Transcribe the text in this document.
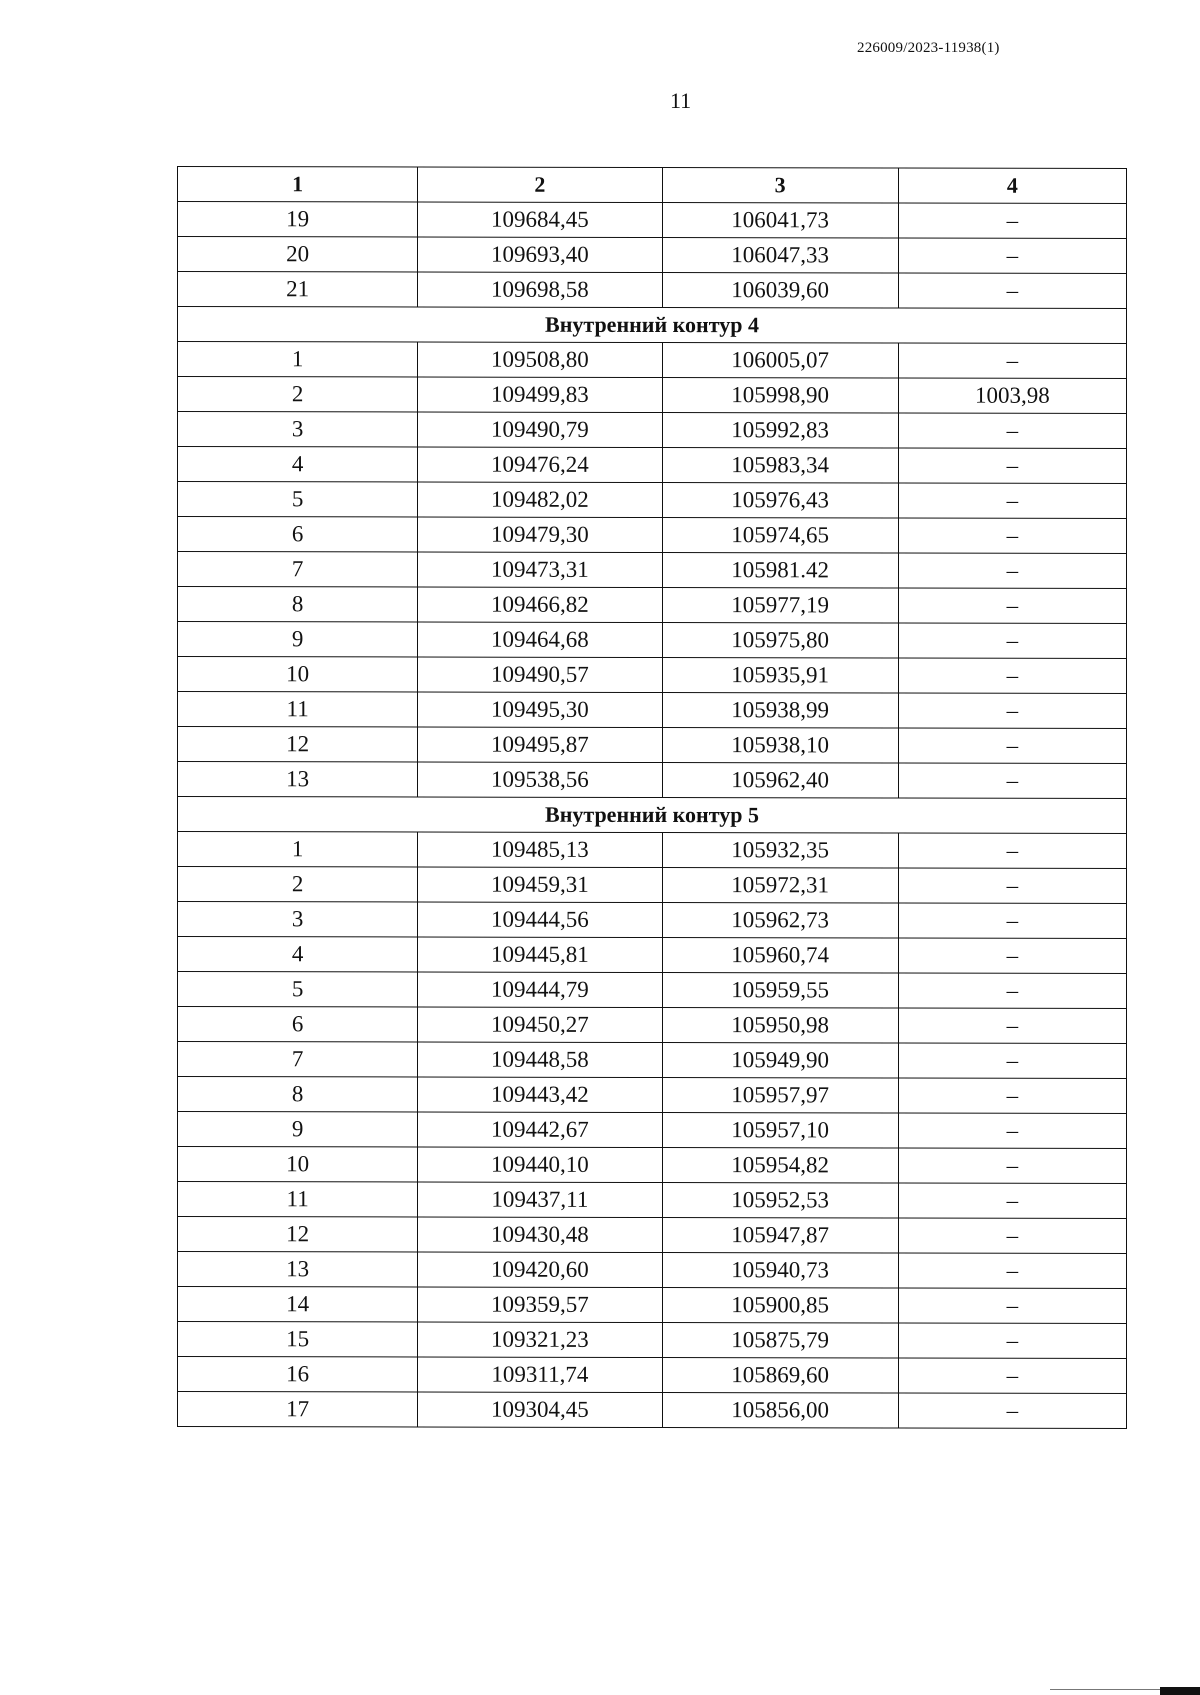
226009/2023-11938(1)
11
1	2	3	4
19	109684,45	106041,73	–
20	109693,40	106047,33	–
21	109698,58	106039,60	–
Внутренний контур 4			
1	109508,80	106005,07	–
2	109499,83	105998,90	1003,98
3	109490,79	105992,83	–
4	109476,24	105983,34	–
5	109482,02	105976,43	–
6	109479,30	105974,65	–
7	109473,31	105981.42	–
8	109466,82	105977,19	–
9	109464,68	105975,80	–
10	109490,57	105935,91	–
11	109495,30	105938,99	–
12	109495,87	105938,10	–
13	109538,56	105962,40	–
Внутренний контур 5			
1	109485,13	105932,35	–
2	109459,31	105972,31	–
3	109444,56	105962,73	–
4	109445,81	105960,74	–
5	109444,79	105959,55	–
6	109450,27	105950,98	–
7	109448,58	105949,90	–
8	109443,42	105957,97	–
9	109442,67	105957,10	–
10	109440,10	105954,82	–
11	109437,11	105952,53	–
12	109430,48	105947,87	–
13	109420,60	105940,73	–
14	109359,57	105900,85	–
15	109321,23	105875,79	–
16	109311,74	105869,60	–
17	109304,45	105856,00	–
